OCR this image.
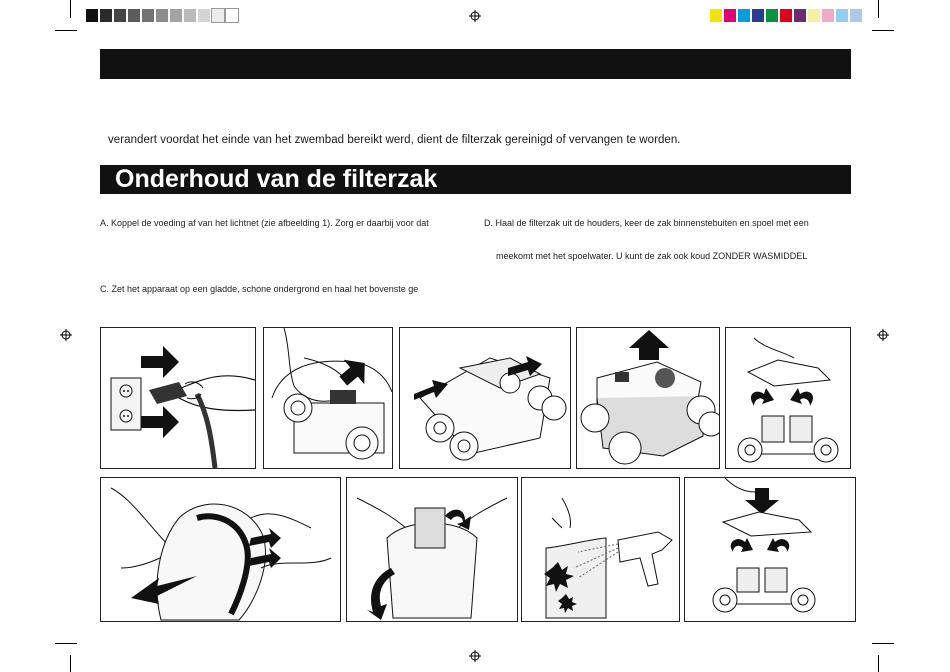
verandert voordat het einde van het zwembad bereikt werd, dient de filterzak gereinigd of vervangen te worden.
Onderhoud van de filterzak
A. Koppel de voeding af van het lichtnet (zie afbeelding 1). Zorg er daarbij voor dat
C. Zet het apparaat op een gladde, schone ondergrond en haal het bovenste ge
D. Haal de filterzak uit de houders, keer de zak binnenstebuiten en spoel met een
meekomt met het spoelwater. U kunt de zak ook koud ZONDER WASMIDDEL
